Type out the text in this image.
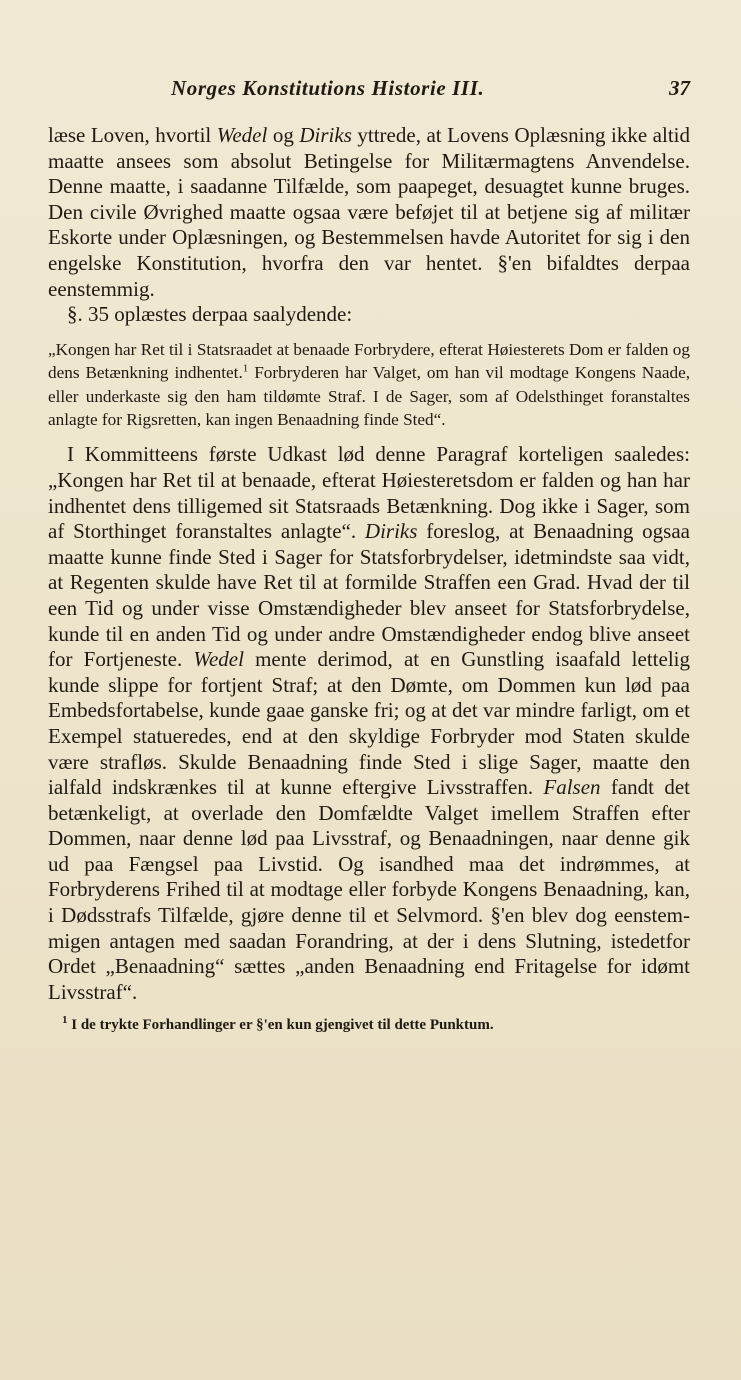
Norges Konstitutions Historie III.	37

læse Loven, hvortil Wedel og Diriks yttrede, at Lovens Oplæsning ikke altid maatte ansees som absolut Betingelse for Militærmagtens Anvendelse. Denne maatte, i saadanne Tilfælde, som paapeget, desuagtet kunne bruges. Den civile Øvrighed maatte ogsaa være beføjet til at betjene sig af militær Eskorte under Oplæsningen, og Bestemmelsen havde Autoritet for sig i den engelske Konstitution, hvorfra den var hentet. §'en bifaldtes derpaa eenstemmig.

§. 35 oplæstes derpaa saalydende:

„Kongen har Ret til i Statsraadet at benaade Forbrydere, efterat Høiesterets Dom er falden og dens Betænkning indhentet.$^1$ Forbryderen har Valget, om han vil modtage Kongens Naade, eller underkaste sig den ham tildømte Straf. I de Sager, som af Odelsthinget foranstaltes anlagte for Rigsretten, kan ingen Benaadning finde Sted“.

I Kommitteens første Udkast lød denne Paragraf korteligen saaledes: „Kongen har Ret til at benaade, efterat Høiesteretsdom er falden og han har indhentet dens tilligemed sit Statsraads Betænkning. Dog ikke i Sager, som af Storthinget foranstaltes anlagte“. Diriks foreslog, at Benaadning ogsaa maatte kunne finde Sted i Sager for Statsforbrydelser, idetmindste saa vidt, at Regenten skulde have Ret til at formilde Straffen een Grad. Hvad der til een Tid og under visse Omstændigheder blev anseet for Statsforbrydelse, kunde til en anden Tid og under andre Omstændigheder endog blive anseet for Fortjeneste. Wedel mente derimod, at en Gunstling isaafald lettelig kunde slippe for fortjent Straf; at den Dømte, om Dommen kun lød paa Embedsfortabelse, kunde gaae ganske fri; og at det var mindre farligt, om et Exempel statueredes, end at den skyldige Forbryder mod Staten skulde være strafløs. Skulde Benaadning finde Sted i slige Sager, maatte den ialfald indskrænkes til at kunne eftergive Livsstraffen. Falsen fandt det betænkeligt, at overlade den Domfældte Valget imellem Straffen efter Dommen, naar denne lød paa Livsstraf, og Benaadningen, naar denne gik ud paa Fængsel paa Livstid. Og isandhed maa det indrømmes, at Forbryderens Frihed til at modtage eller forbyde Kongens Benaadning, kan, i Dødsstrafs Tilfælde, gjøre denne til et Selvmord. §'en blev dog eenstemmigen antagen med saadan Forandring, at der i dens Slutning, istedetfor Ordet „Benaadning“ sættes „anden Benaadning end Fritagelse for idømt Livsstraf“.

$^1$ I de trykte Forhandlinger er §'en kun gjengivet til dette Punktum.
